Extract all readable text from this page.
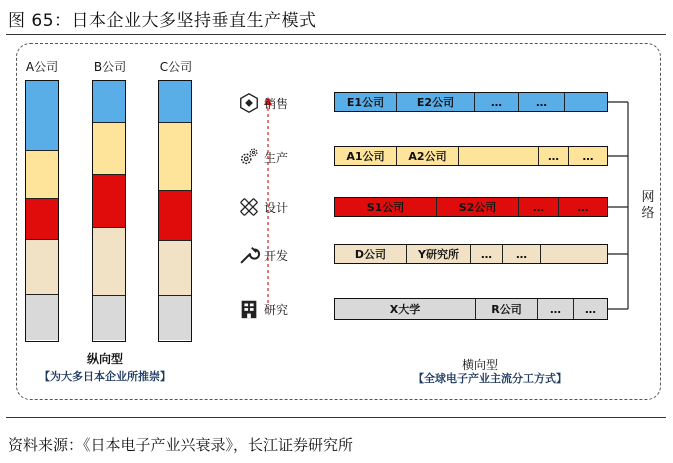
图 65：日本企业大多坚持垂直生产模式
A公司	B公司	C公司
纵向型
【为大多日本企业所推崇】
销售
生产
设计
开发
研究
E1公司	E2公司	…	…
A1公司	A2公司	…	…
S1公司	S2公司	…	…
D公司	Y研究所	…	…
X大学	R公司	…	…
网络
横向型
【全球电子产业主流分工方式】
资料来源：《日本电子产业兴衰录》，长江证券研究所
